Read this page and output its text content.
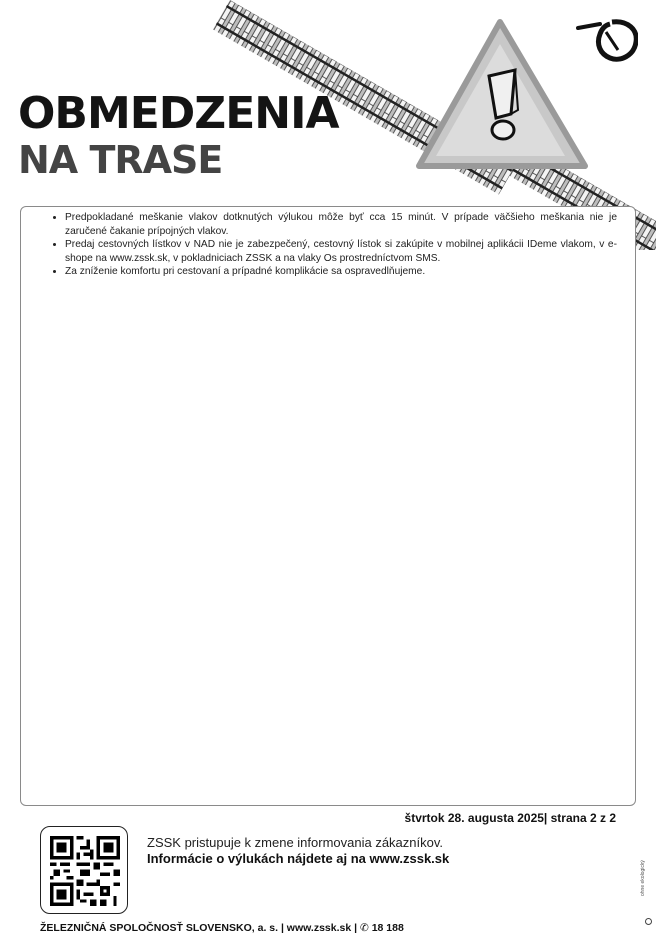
OBMEDZENIA
NA TRASE
• Predpokladané meškanie vlakov dotknutých výlukou môže byť cca 15 minút. V prípade väčšieho meškania nie je zaručené čakanie prípojných vlakov.
• Predaj cestovných lístkov v NAD nie je zabezpečený, cestovný lístok si zakúpite v mobilnej aplikácii IDeme vlakom, v e-shope na www.zssk.sk, v pokladniciach ZSSK a na vlaky Os prostredníctvom SMS.
• Za zníženie komfortu pri cestovaní a prípadné komplikácie sa ospravedlňujeme.
štvrtok 28. augusta 2025| strana 2 z 2
ZSSK pristupuje k zmene informovania zákazníkov.
Informácie o výlukách nájdete aj na www.zssk.sk
ŽELEZNIČNÁ SPOLOČNOSŤ SLOVENSKO, a. s. | www.zssk.sk | ✆ 18 188
ohne ekologický
